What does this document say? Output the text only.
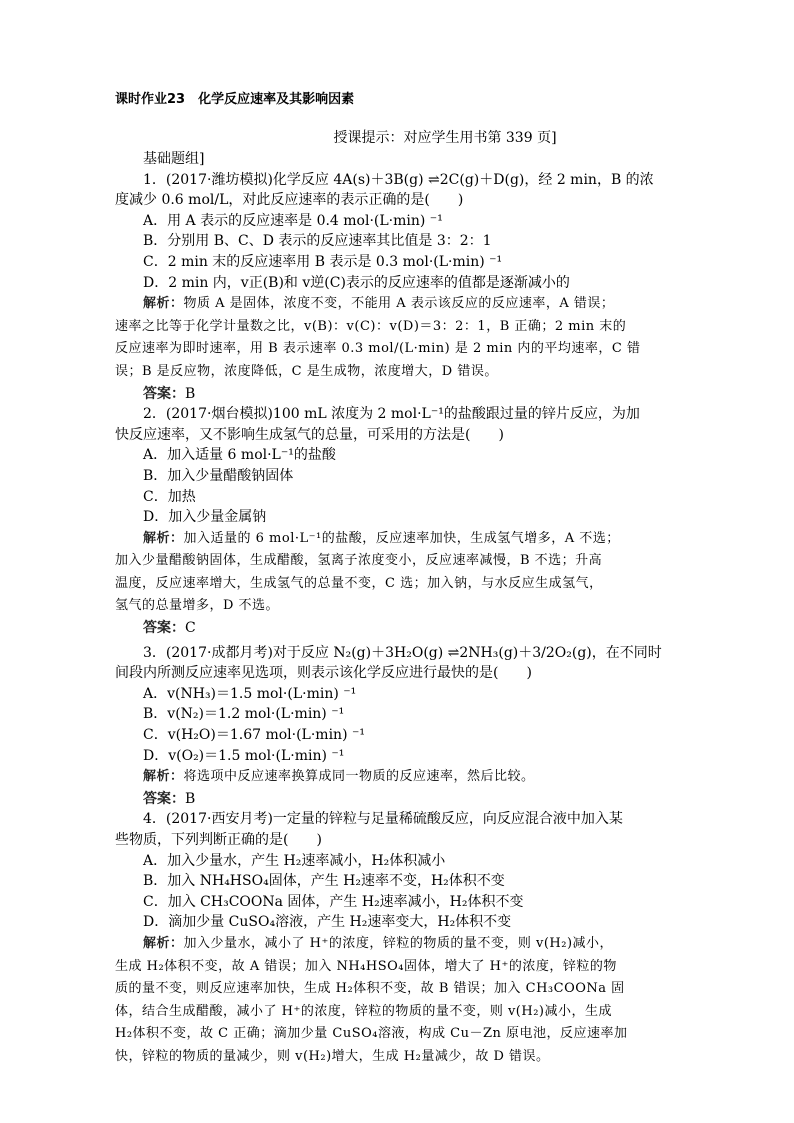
课时作业23　化学反应速率及其影响因素
授课提示：对应学生用书第 339 页]
基础题组]
1．(2017·潍坊模拟)化学反应 4A(s)＋3B(g) ⇌2C(g)＋D(g)，经 2 min，B 的浓
度减少 0.6 mol/L，对此反应速率的表示正确的是(　　)
A．用 A 表示的反应速率是 0.4 mol·(L·min) ⁻¹
B．分别用 B、C、D 表示的反应速率其比值是 3：2：1
C．2 min 末的反应速率用 B 表示是 0.3 mol·(L·min) ⁻¹
D．2 min 内，v正(B)和 v逆(C)表示的反应速率的值都是逐渐减小的
解析：物质 A 是固体，浓度不变，不能用 A 表示该反应的反应速率，A 错误；
速率之比等于化学计量数之比，v(B)：v(C)：v(D)＝3：2：1，B 正确；2 min 末的
反应速率为即时速率，用 B 表示速率 0.3 mol/(L·min) 是 2 min 内的平均速率，C 错
误；B 是反应物，浓度降低，C 是生成物，浓度增大，D 错误。
答案：B
2．(2017·烟台模拟)100 mL 浓度为 2 mol·L⁻¹的盐酸跟过量的锌片反应，为加
快反应速率，又不影响生成氢气的总量，可采用的方法是(　　)
A．加入适量 6 mol·L⁻¹的盐酸
B．加入少量醋酸钠固体
C．加热
D．加入少量金属钠
解析：加入适量的 6 mol·L⁻¹的盐酸，反应速率加快，生成氢气增多，A 不选；
加入少量醋酸钠固体，生成醋酸，氢离子浓度变小，反应速率减慢，B 不选；升高
温度，反应速率增大，生成氢气的总量不变，C 选；加入钠，与水反应生成氢气，
氢气的总量增多，D 不选。
答案：C
3．(2017·成都月考)对于反应 N₂(g)＋3H₂O(g) ⇌2NH₃(g)＋3/2O₂(g)，在不同时
间段内所测反应速率见选项，则表示该化学反应进行最快的是(　　)
A．v(NH₃)＝1.5 mol·(L·min) ⁻¹
B．v(N₂)＝1.2 mol·(L·min) ⁻¹
C．v(H₂O)＝1.67 mol·(L·min) ⁻¹
D．v(O₂)＝1.5 mol·(L·min) ⁻¹
解析：将选项中反应速率换算成同一物质的反应速率，然后比较。
答案：B
4．(2017·西安月考)一定量的锌粒与足量稀硫酸反应，向反应混合液中加入某
些物质，下列判断正确的是(　　)
A．加入少量水，产生 H₂速率减小，H₂体积减小
B．加入 NH₄HSO₄固体，产生 H₂速率不变，H₂体积不变
C．加入 CH₃COONa 固体，产生 H₂速率减小，H₂体积不变
D．滴加少量 CuSO₄溶液，产生 H₂速率变大，H₂体积不变
解析：加入少量水，减小了 H⁺的浓度，锌粒的物质的量不变，则 v(H₂)减小，
生成 H₂体积不变，故 A 错误；加入 NH₄HSO₄固体，增大了 H⁺的浓度，锌粒的物
质的量不变，则反应速率加快，生成 H₂体积不变，故 B 错误；加入 CH₃COONa 固
体，结合生成醋酸，减小了 H⁺的浓度，锌粒的物质的量不变，则 v(H₂)减小，生成
H₂体积不变，故 C 正确；滴加少量 CuSO₄溶液，构成 Cu－Zn 原电池，反应速率加
快，锌粒的物质的量减少，则 v(H₂)增大，生成 H₂量减少，故 D 错误。
